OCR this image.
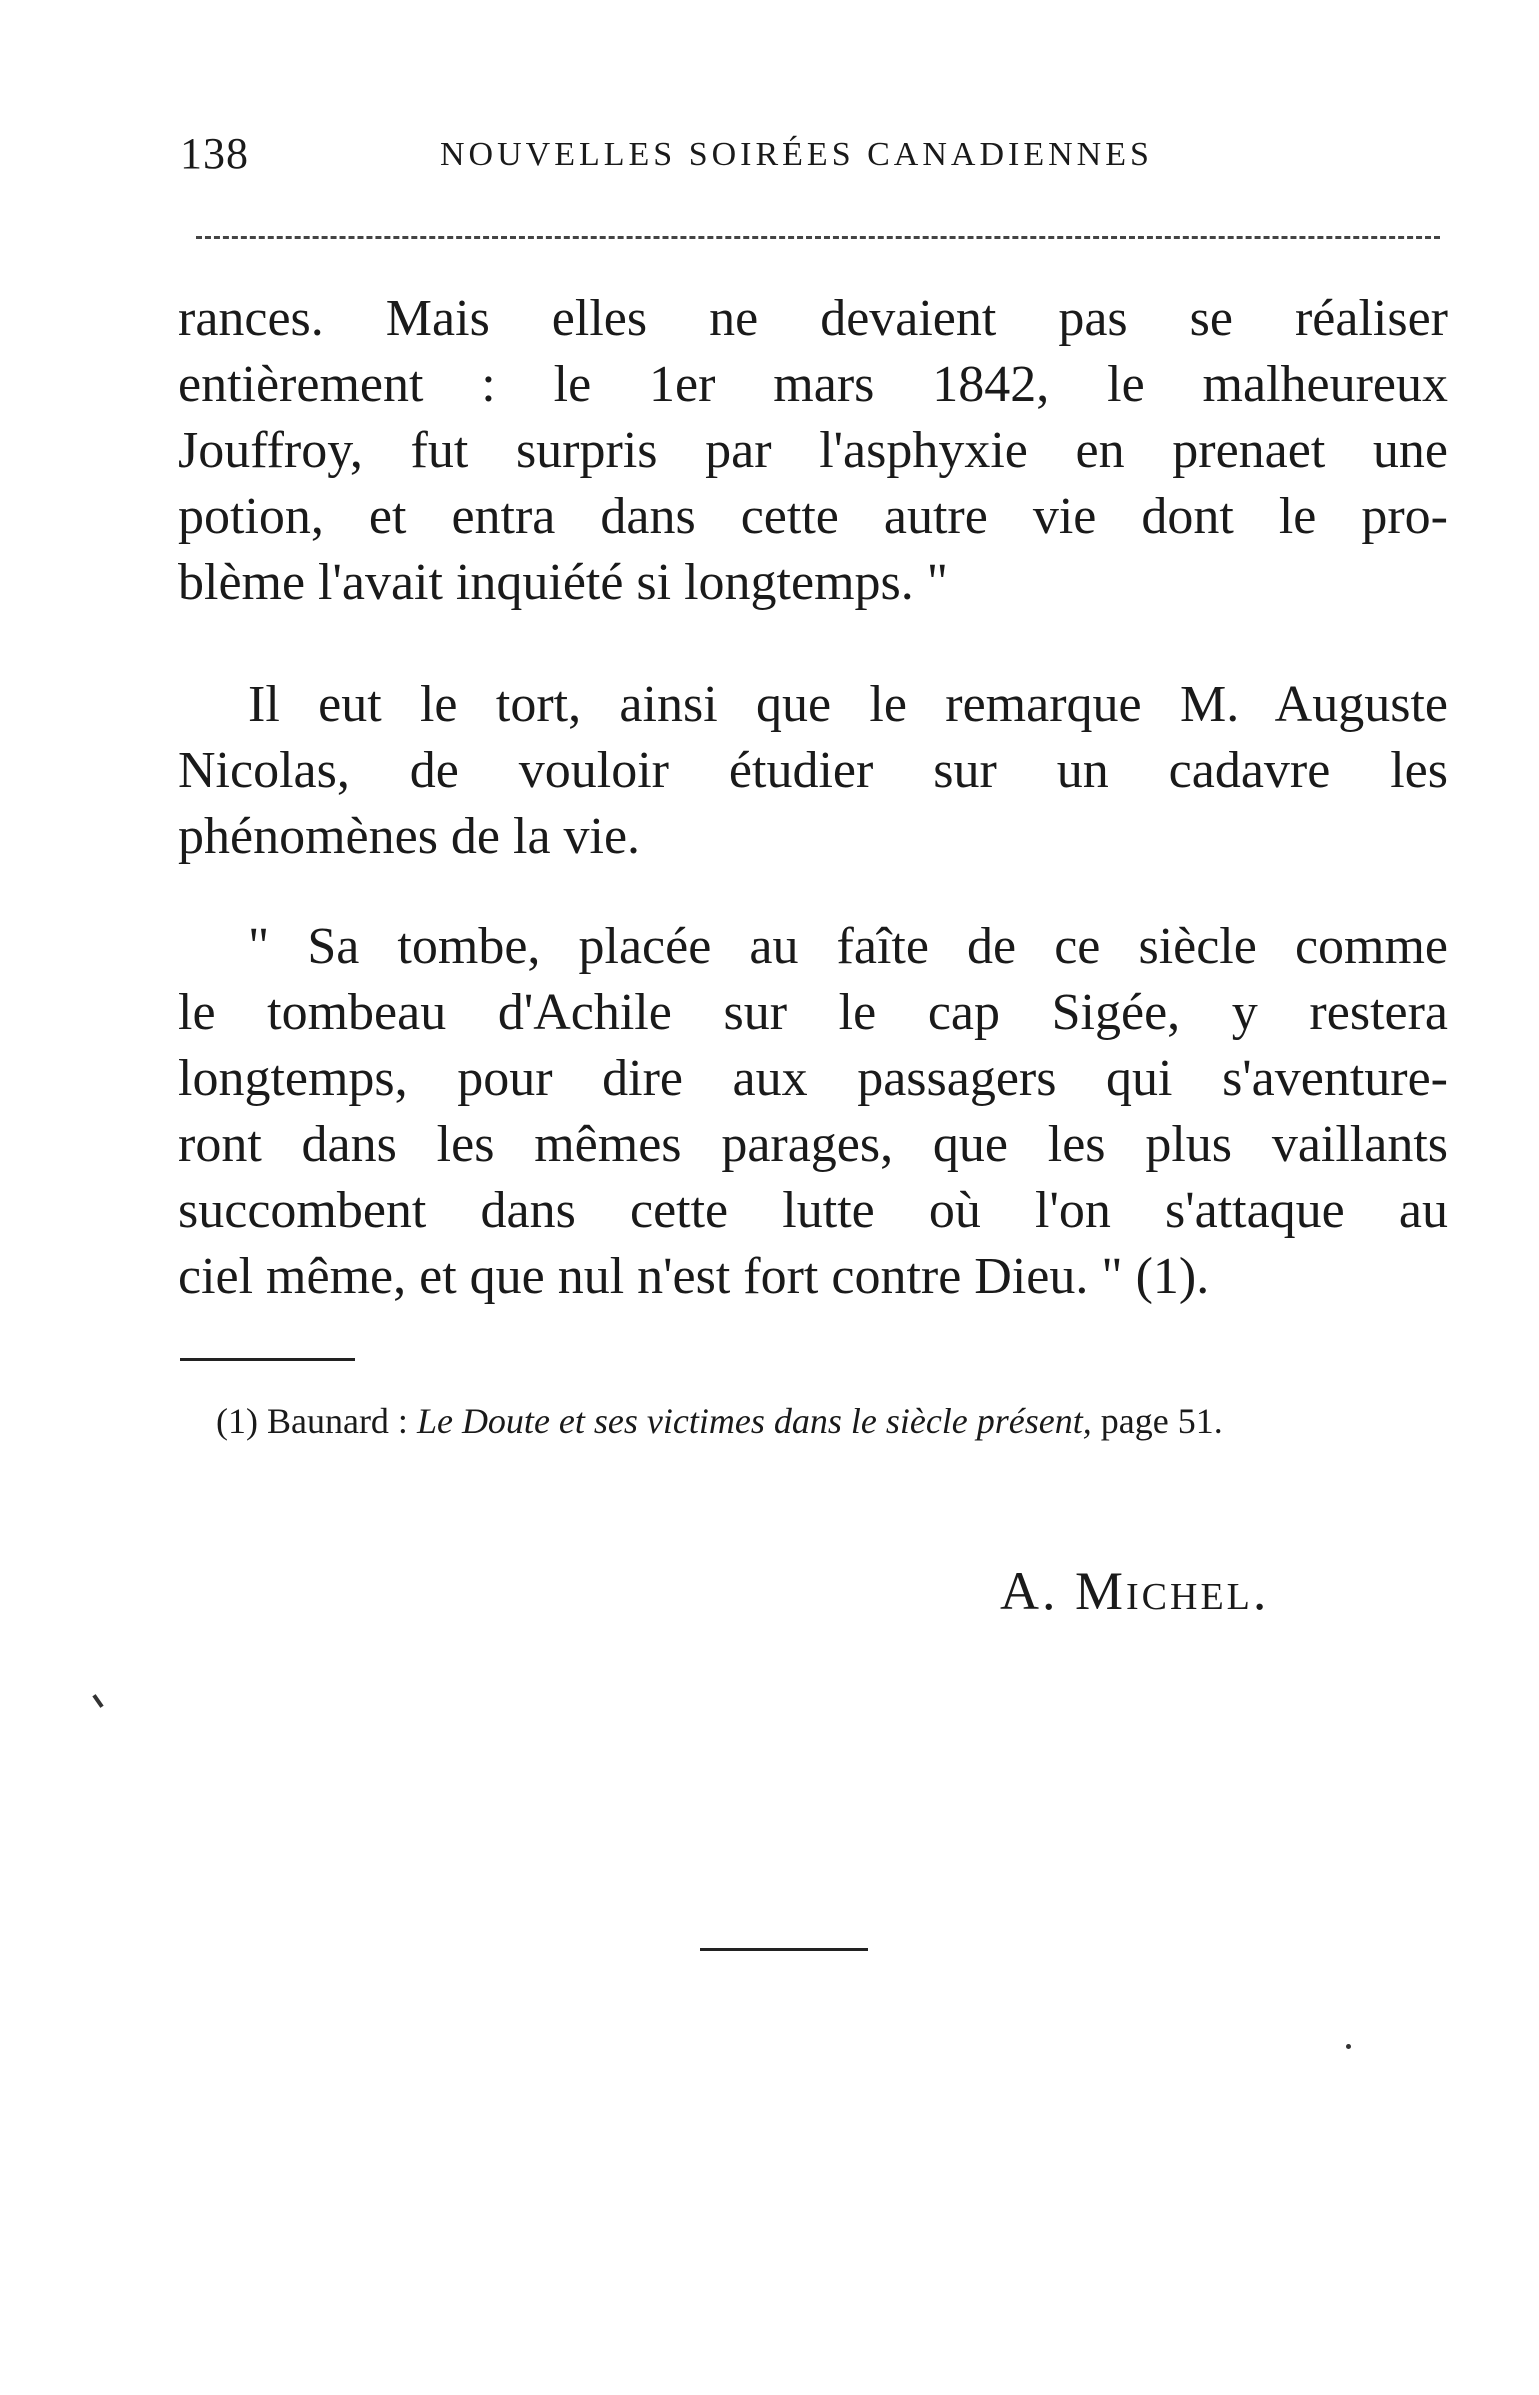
138	NOUVELLES SOIRÉES CANADIENNES
rances. Mais elles ne devaient pas se réaliser
entièrement : le 1er mars 1842, le malheureux
Jouffroy, fut surpris par l'asphyxie en prenaet une
potion, et entra dans cette autre vie dont le pro-
blème l'avait inquiété si longtemps. "
Il eut le tort, ainsi que le remarque M. Auguste
Nicolas, de vouloir étudier sur un cadavre les
phénomènes de la vie.
" Sa tombe, placée au faîte de ce siècle comme
le tombeau d'Achile sur le cap Sigée, y restera
longtemps, pour dire aux passagers qui s'aventure-
ront dans les mêmes parages, que les plus vaillants
succombent dans cette lutte où l'on s'attaque au
ciel même, et que nul n'est fort contre Dieu. " (1).
(1) Baunard : Le Doute et ses victimes dans le siècle présent, page 51.
A. Michel.
